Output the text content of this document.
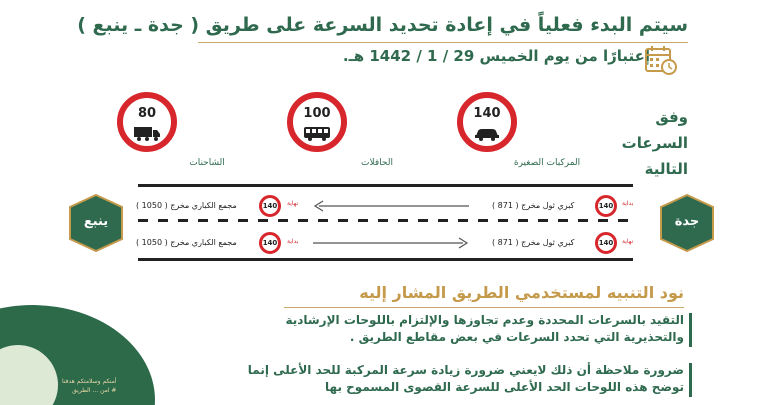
سيتم البدء فعلياً في إعادة تحديد السرعة على طريق ( جدة ـ ينبع )
إعتبارًا من يوم الخميس 29 / 1 / 1442 هـ.
وفق السرعات
التالية
140
المركبات الصغيرة
100
الحافلات
80
الشاحنات
جدة
ينبع
بداية
140
كبري ثول مخرج ( 871 )
نهاية
140
مجمع الكباري مخرج ( 1050 )
نهاية
140
كبري ثول مخرج ( 871 )
بداية
140
مجمع الكباري مخرج ( 1050 )
نود التنبيه لمستخدمي الطريق المشار إليه
التقيد بالسرعات المحددة وعدم تجاوزها والإلتزام باللوحات الإرشادية والتحذيرية التي تحدد السرعات في بعض مقاطع الطريق .
ضرورة ملاحظة أن ذلك لايعني ضرورة زيادة سرعة المركبة للحد الأعلى إنما توضح هذه اللوحات الحد الأعلى للسرعة القصوى المسموح بها
أمنكم وسلامتكم هدفنا
# امن ... الطريق
